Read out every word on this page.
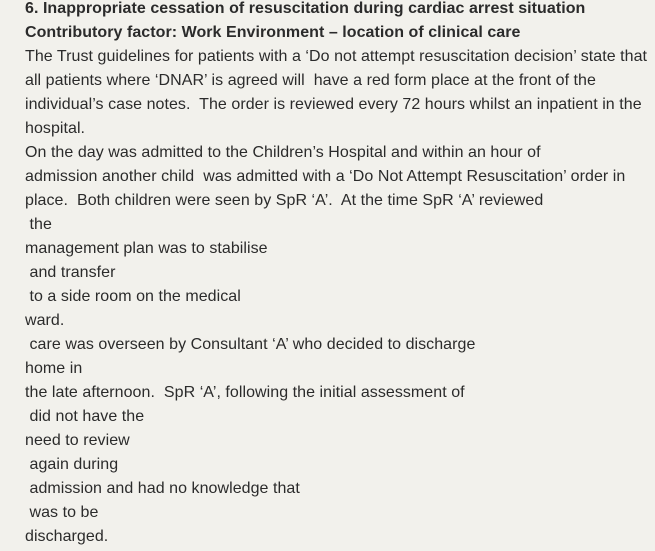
6. Inappropriate cessation of resuscitation during cardiac arrest situation
Contributory factor: Work Environment – location of clinical care
The Trust guidelines for patients with a ‘Do not attempt resuscitation decision’ state that
all patients where ‘DNAR’ is agreed will  have a red form place at the front of the
individual’s case notes.  The order is reviewed every 72 hours whilst an inpatient in the
hospital.
On the day was admitted to the Children’s Hospital and within an hour of
admission another child  was admitted with a ‘Do Not Attempt Resuscitation’ order in
place.  Both children were seen by SpR ‘A’.  At the time SpR ‘A’ reviewed
the
management plan was to stabilise
and transfer
to a side room on the medical
ward.
care was overseen by Consultant ‘A’ who decided to discharge
home in
the late afternoon.  SpR ‘A’, following the initial assessment of
did not have the
need to review
again during
admission and had no knowledge that
was to be
discharged.
